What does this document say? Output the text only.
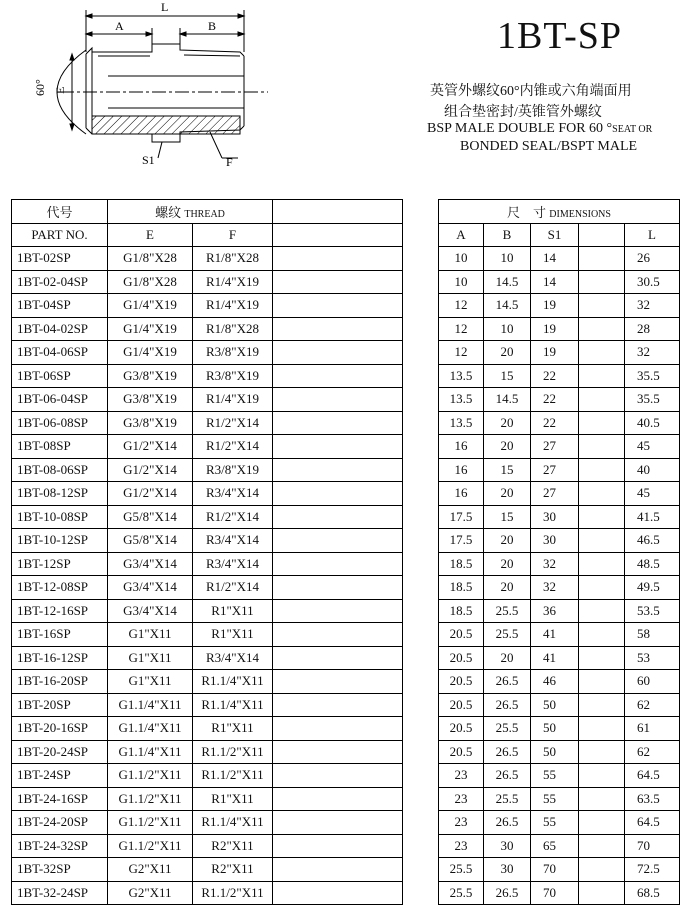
L
A	B
E
60°
S1	F
1BT-SP
英管外螺纹60°内锥或六角端面用
组合垫密封/英锥管外螺纹
BSP MALE DOUBLE FOR 60 °SEAT OR
BONDED SEAL/BSPT MALE
代号	螺纹 THREAD				尺　寸 DIMENSIONS				
PART NO.	E	F			A	B	S1		L
1BT-02SP	G1/8"X28	R1/8"X28			10	10	14		26
1BT-02-04SP	G1/8"X28	R1/4"X19			10	14.5	14		30.5
1BT-04SP	G1/4"X19	R1/4"X19			12	14.5	19		32
1BT-04-02SP	G1/4"X19	R1/8"X28			12	10	19		28
1BT-04-06SP	G1/4"X19	R3/8"X19			12	20	19		32
1BT-06SP	G3/8"X19	R3/8"X19			13.5	15	22		35.5
1BT-06-04SP	G3/8"X19	R1/4"X19			13.5	14.5	22		35.5
1BT-06-08SP	G3/8"X19	R1/2"X14			13.5	20	22		40.5
1BT-08SP	G1/2"X14	R1/2"X14			16	20	27		45
1BT-08-06SP	G1/2"X14	R3/8"X19			16	15	27		40
1BT-08-12SP	G1/2"X14	R3/4"X14			16	20	27		45
1BT-10-08SP	G5/8"X14	R1/2"X14			17.5	15	30		41.5
1BT-10-12SP	G5/8"X14	R3/4"X14			17.5	20	30		46.5
1BT-12SP	G3/4"X14	R3/4"X14			18.5	20	32		48.5
1BT-12-08SP	G3/4"X14	R1/2"X14			18.5	20	32		49.5
1BT-12-16SP	G3/4"X14	R1"X11			18.5	25.5	36		53.5
1BT-16SP	G1"X11	R1"X11			20.5	25.5	41		58
1BT-16-12SP	G1"X11	R3/4"X14			20.5	20	41		53
1BT-16-20SP	G1"X11	R1.1/4"X11			20.5	26.5	46		60
1BT-20SP	G1.1/4"X11	R1.1/4"X11			20.5	26.5	50		62
1BT-20-16SP	G1.1/4"X11	R1"X11			20.5	25.5	50		61
1BT-20-24SP	G1.1/4"X11	R1.1/2"X11			20.5	26.5	50		62
1BT-24SP	G1.1/2"X11	R1.1/2"X11			23	26.5	55		64.5
1BT-24-16SP	G1.1/2"X11	R1"X11			23	25.5	55		63.5
1BT-24-20SP	G1.1/2"X11	R1.1/4"X11			23	26.5	55		64.5
1BT-24-32SP	G1.1/2"X11	R2"X11			23	30	65		70
1BT-32SP	G2"X11	R2"X11			25.5	30	70		72.5
1BT-32-24SP	G2"X11	R1.1/2"X11			25.5	26.5	70		68.5
